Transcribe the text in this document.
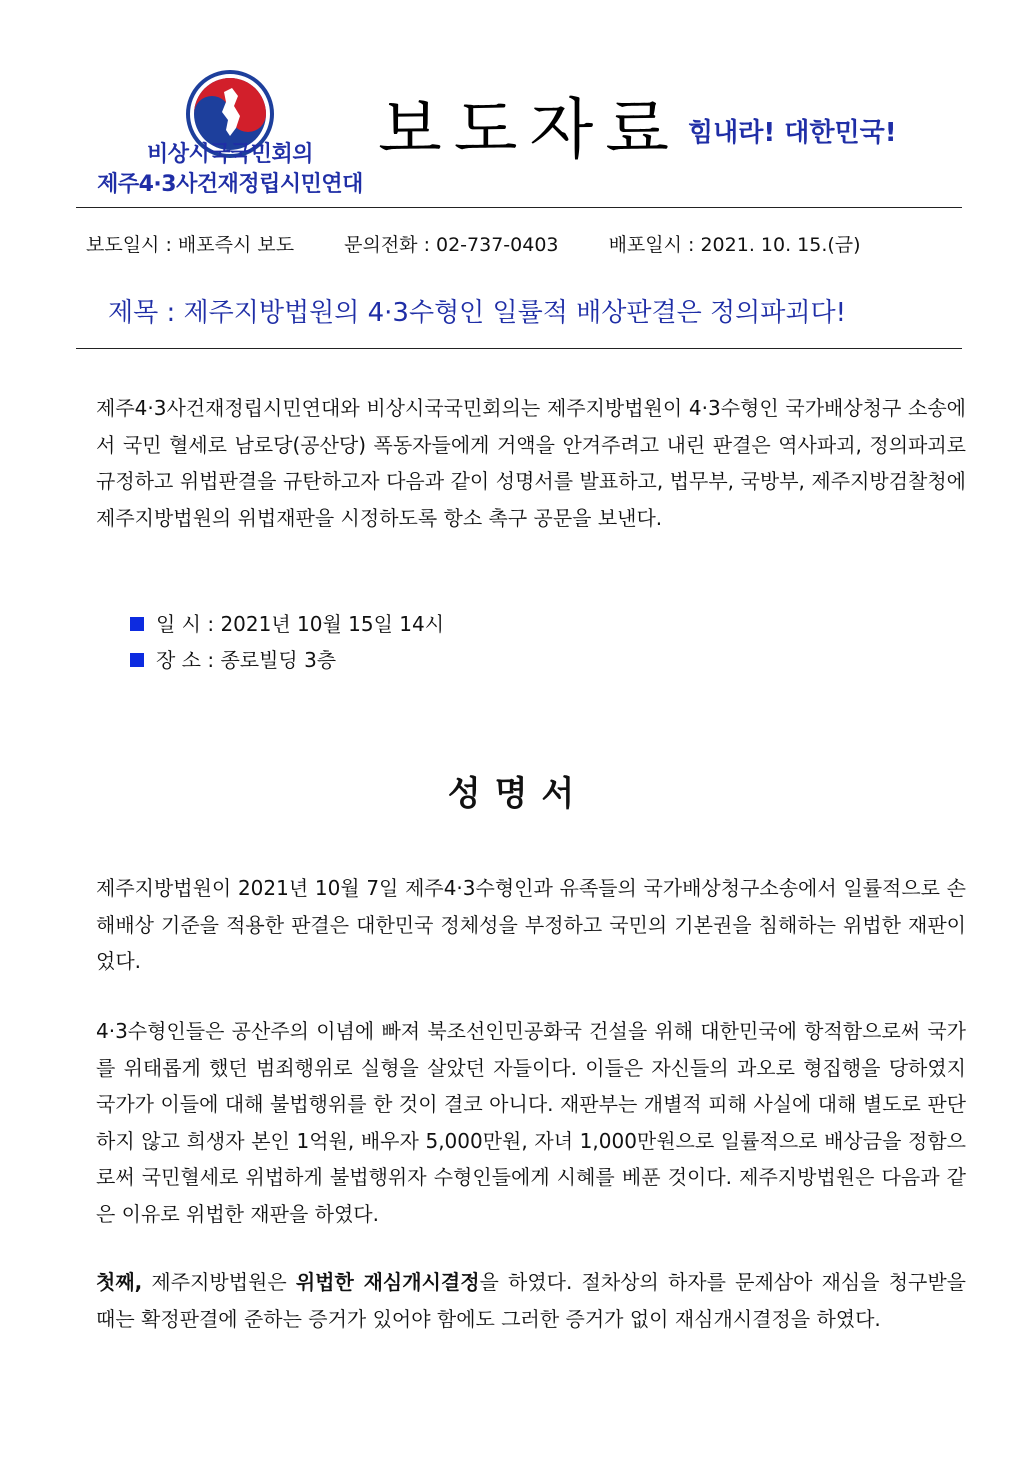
비상시국국민회의
제주4·3사건재정립시민연대
보도자료 힘내라! 대한민국!
보도일시 : 배포즉시 보도	문의전화 : 02-737-0403	배포일시 : 2021. 10. 15.(금)
제목 : 제주지방법원의 4·3수형인 일률적 배상판결은 정의파괴다!
제주4·3사건재정립시민연대와 비상시국국민회의는 제주지방법원이 4·3수형인 국가배상청구 소송에서 국민 혈세로 남로당(공산당) 폭동자들에게 거액을 안겨주려고 내린 판결은 역사파괴, 정의파괴로 규정하고 위법판결을 규탄하고자 다음과 같이 성명서를 발표하고, 법무부, 국방부, 제주지방검찰청에 제주지방법원의 위법재판을 시정하도록 항소 촉구 공문을 보낸다.
일 시 : 2021년 10월 15일 14시
장 소 : 종로빌딩 3층
성명서
제주지방법원이 2021년 10월 7일 제주4·3수형인과 유족들의 국가배상청구소송에서 일률적으로 손해배상 기준을 적용한 판결은 대한민국 정체성을 부정하고 국민의 기본권을 침해하는 위법한 재판이었다.
4·3수형인들은 공산주의 이념에 빠져 북조선인민공화국 건설을 위해 대한민국에 항적함으로써 국가를 위태롭게 했던 범죄행위로 실형을 살았던 자들이다. 이들은 자신들의 과오로 형집행을 당하였지 국가가 이들에 대해 불법행위를 한 것이 결코 아니다. 재판부는 개별적 피해 사실에 대해 별도로 판단하지 않고 희생자 본인 1억원, 배우자 5,000만원, 자녀 1,000만원으로 일률적으로 배상금을 정함으로써 국민혈세로 위법하게 불법행위자 수형인들에게 시혜를 베푼 것이다. 제주지방법원은 다음과 같은 이유로 위법한 재판을 하였다.
첫째, 제주지방법원은 위법한 재심개시결정을 하였다. 절차상의 하자를 문제삼아 재심을 청구받을 때는 확정판결에 준하는 증거가 있어야 함에도 그러한 증거가 없이 재심개시결정을 하였다.
